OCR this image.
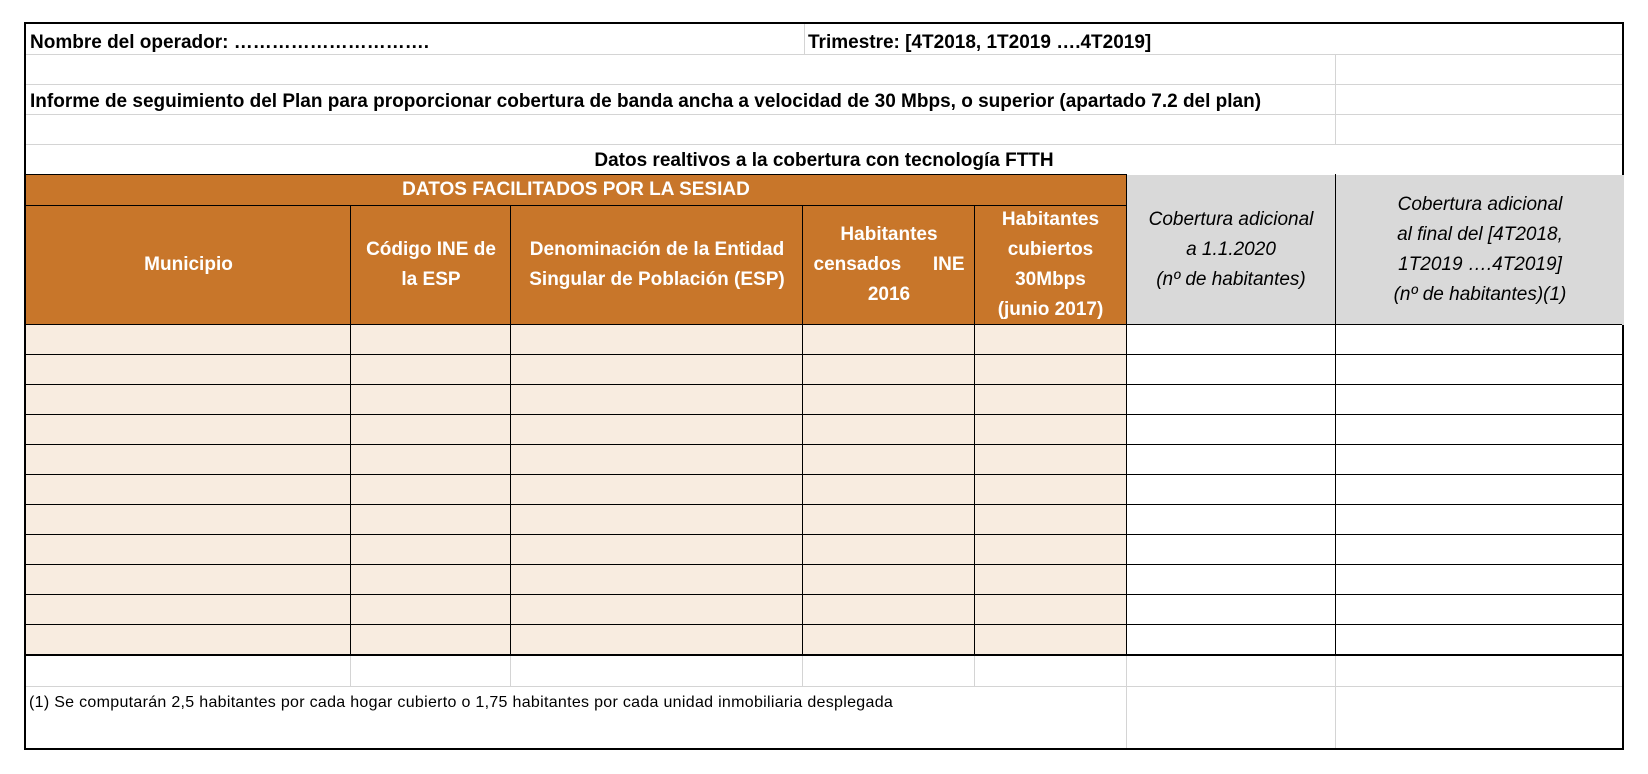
Nombre del operador: ………………………….	Trimestre: [4T2018, 1T2019 ….4T2019]
Informe de seguimiento del Plan para proporcionar cobertura de banda ancha a velocidad de 30 Mbps, o superior (apartado 7.2 del plan)
Datos realtivos a la cobertura con tecnología FTTH
DATOS FACILITADOS POR LA SESIAD
Cobertura adicional
a 1.1.2020
(nº de habitantes)
Cobertura adicional
al final del [4T2018,
1T2019 ….4T2019]
(nº de habitantes)(1)
Municipio
Código INE de
la ESP
Denominación de la Entidad
Singular de Población (ESP)
Habitantes
censados      INE
2016
Habitantes
cubiertos
30Mbps
(junio 2017)
(1) Se computarán 2,5 habitantes por cada hogar cubierto o 1,75 habitantes por cada unidad inmobiliaria desplegada
